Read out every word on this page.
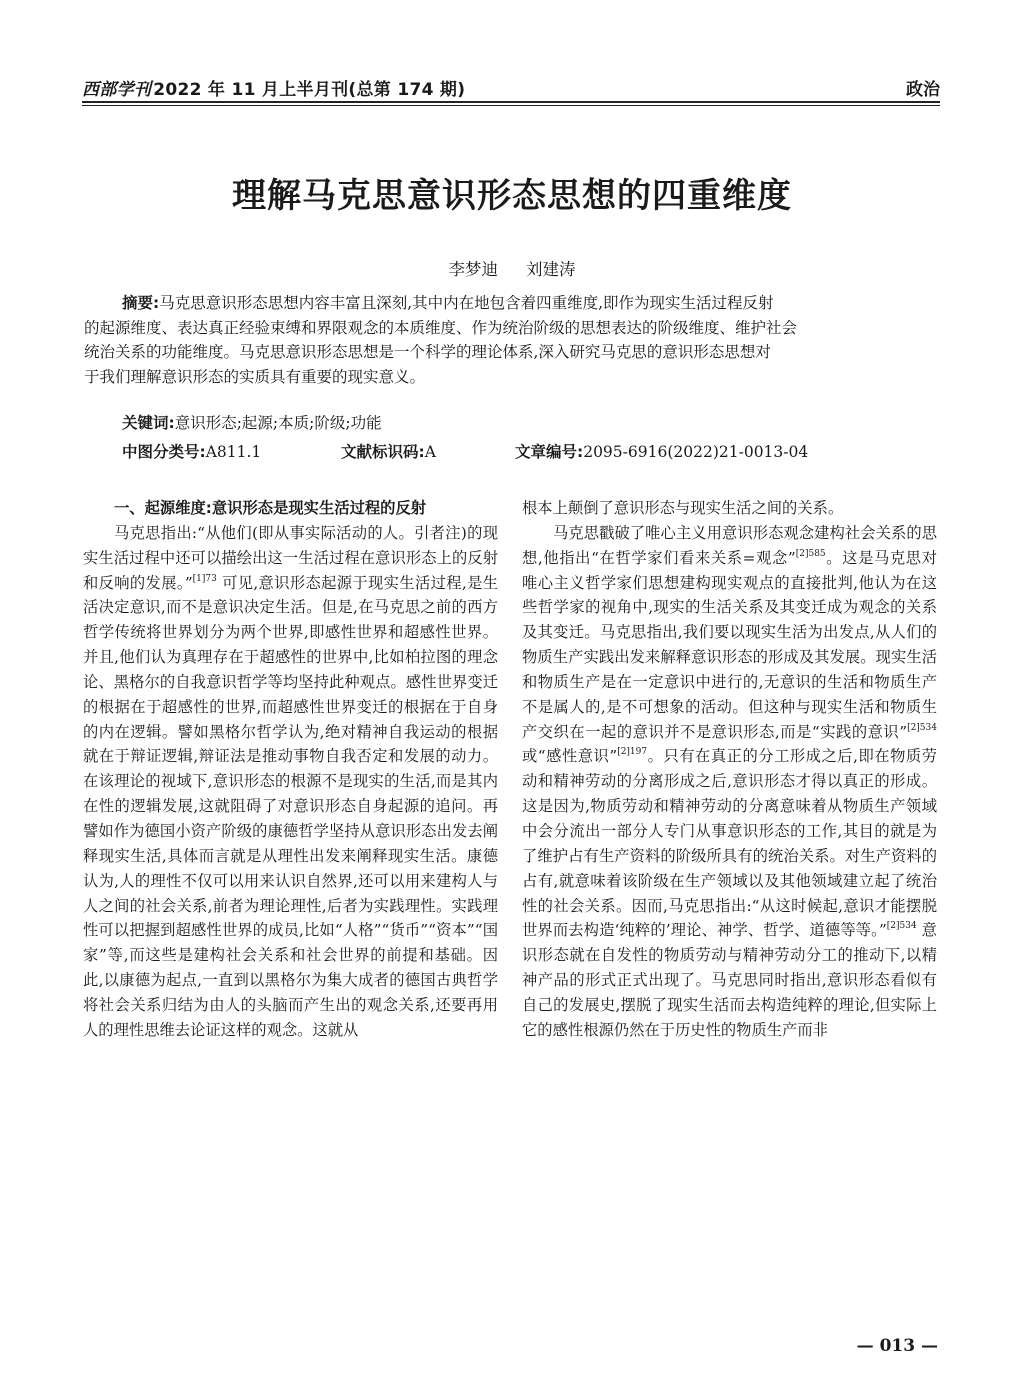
西部学刊 2022 年 11 月上半月刊(总第 174 期)	政治
理解马克思意识形态思想的四重维度
李梦迪 刘建涛
摘要:马克思意识形态思想内容丰富且深刻,其中内在地包含着四重维度,即作为现实生活过程反射
的起源维度、表达真正经验束缚和界限观念的本质维度、作为统治阶级的思想表达的阶级维度、维护社会
统治关系的功能维度。马克思意识形态思想是一个科学的理论体系,深入研究马克思的意识形态思想对
于我们理解意识形态的实质具有重要的现实意义。
关键词:意识形态;起源;本质;阶级;功能
中图分类号:A811.1	文献标识码:A	文章编号:2095-6916(2022)21-0013-04
一、起源维度:意识形态是现实生活过程的反射

马克思指出:“从他们(即从事实际活动的人。引者注)的现实生活过程中还可以描绘出这一生活过程在意识形态上的反射和反响的发展。”$^{[1]73}$ 可见,意识形态起源于现实生活过程,是生活决定意识,而不是意识决定生活。但是,在马克思之前的西方哲学传统将世界划分为两个世界,即感性世界和超感性世界。并且,他们认为真理存在于超感性的世界中,比如柏拉图的理念论、黑格尔的自我意识哲学等均坚持此种观点。感性世界变迁的根据在于超感性的世界,而超感性世界变迁的根据在于自身的内在逻辑。譬如黑格尔哲学认为,绝对精神自我运动的根据就在于辩证逻辑,辩证法是推动事物自我否定和发展的动力。在该理论的视域下,意识形态的根源不是现实的生活,而是其内在性的逻辑发展,这就阻碍了对意识形态自身起源的追问。再譬如作为德国小资产阶级的康德哲学坚持从意识形态出发去阐释现实生活,具体而言就是从理性出发来阐释现实生活。康德认为,人的理性不仅可以用来认识自然界,还可以用来建构人与人之间的社会关系,前者为理论理性,后者为实践理性。实践理性可以把握到超感性世界的成员,比如“人格”“货币”“资本”“国家”等,而这些是建构社会关系和社会世界的前提和基础。因此,以康德为起点,一直到以黑格尔为集大成者的德国古典哲学将社会关系归结为由人的头脑而产生出的观念关系,还要再用人的理性思维去论证这样的观念。这就从

根本上颠倒了意识形态与现实生活之间的关系。

马克思戳破了唯心主义用意识形态观念建构社会关系的思想,他指出“在哲学家们看来关系=观念”$^{[2]585}$。这是马克思对唯心主义哲学家们思想建构现实观点的直接批判,他认为在这些哲学家的视角中,现实的生活关系及其变迁成为观念的关系及其变迁。马克思指出,我们要以现实生活为出发点,从人们的物质生产实践出发来解释意识形态的形成及其发展。现实生活和物质生产是在一定意识中进行的,无意识的生活和物质生产不是属人的,是不可想象的活动。但这种与现实生活和物质生产交织在一起的意识并不是意识形态,而是“实践的意识”$^{[2]534}$ 或“感性意识”$^{[2]197}$。只有在真正的分工形成之后,即在物质劳动和精神劳动的分离形成之后,意识形态才得以真正的形成。这是因为,物质劳动和精神劳动的分离意味着从物质生产领域中会分流出一部分人专门从事意识形态的工作,其目的就是为了维护占有生产资料的阶级所具有的统治关系。对生产资料的占有,就意味着该阶级在生产领域以及其他领域建立起了统治性的社会关系。因而,马克思指出:“从这时候起,意识才能摆脱世界而去构造‘纯粹的’理论、神学、哲学、道德等等。”$^{[2]534}$ 意识形态就在自发性的物质劳动与精神劳动分工的推动下,以精神产品的形式正式出现了。马克思同时指出,意识形态看似有自己的发展史,摆脱了现实生活而去构造纯粹的理论,但实际上它的感性根源仍然在于历史性的物质生产而非

— 013 —
